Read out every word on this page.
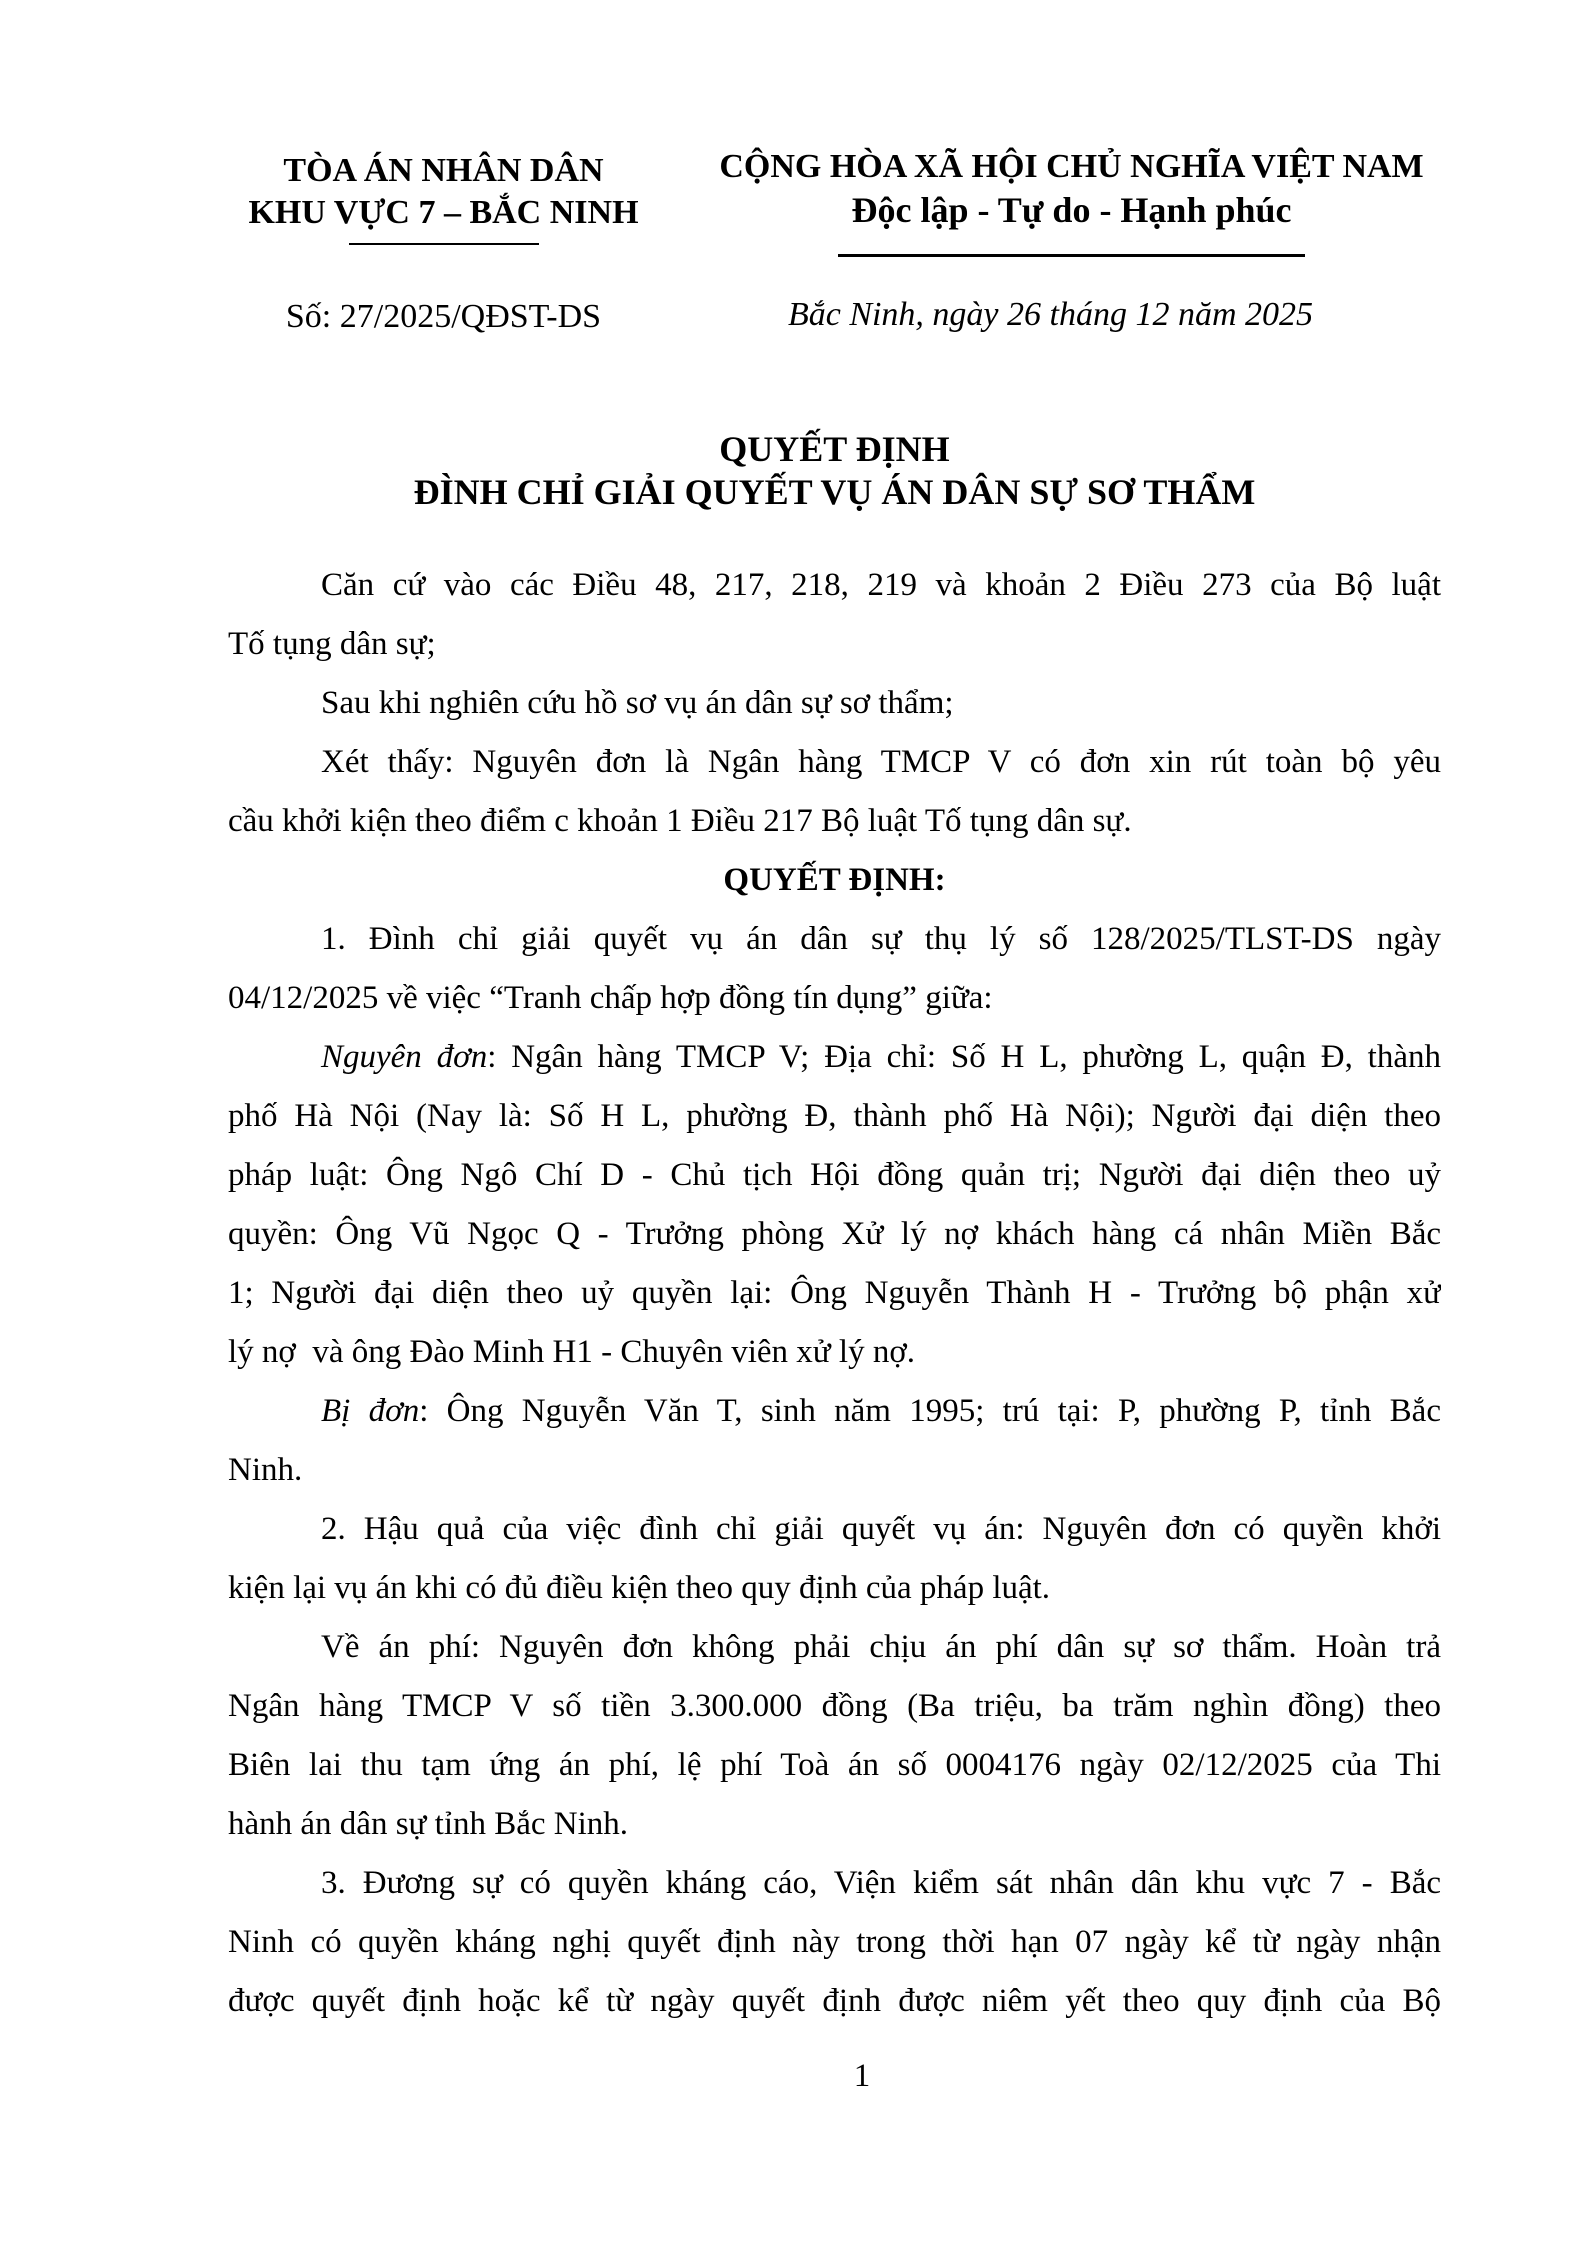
TÒA ÁN NHÂN DÂN
KHU VỰC 7 – BẮC NINH
Số: 27/2025/QĐST-DS
CỘNG HÒA XÃ HỘI CHỦ NGHĨA VIỆT NAM
Độc lập - Tự do - Hạnh phúc
Bắc Ninh, ngày 26 tháng 12 năm 2025
QUYẾT ĐỊNH
ĐÌNH CHỈ GIẢI QUYẾT VỤ ÁN DÂN SỰ SƠ THẨM
Căn cứ vào các Điều 48, 217, 218, 219 và khoản 2 Điều 273 của Bộ luật
Tố tụng dân sự;
Sau khi nghiên cứu hồ sơ vụ án dân sự sơ thẩm;
Xét thấy: Nguyên đơn là Ngân hàng TMCP V có đơn xin rút toàn bộ yêu
cầu khởi kiện theo điểm c khoản 1 Điều 217 Bộ luật Tố tụng dân sự.
QUYẾT ĐỊNH:
1. Đình chỉ giải quyết vụ án dân sự thụ lý số 128/2025/TLST-DS ngày
04/12/2025 về việc “Tranh chấp hợp đồng tín dụng” giữa:
Nguyên đơn: Ngân hàng TMCP V; Địa chỉ: Số H L, phường L, quận Đ, thành
phố Hà Nội (Nay là: Số H L, phường Đ, thành phố Hà Nội); Người đại diện theo
pháp luật: Ông Ngô Chí D - Chủ tịch Hội đồng quản trị; Người đại diện theo uỷ
quyền: Ông Vũ Ngọc Q - Trưởng phòng Xử lý nợ khách hàng cá nhân Miền Bắc
1; Người đại diện theo uỷ quyền lại: Ông Nguyễn Thành H - Trưởng bộ phận xử
lý nợ  và ông Đào Minh H1 - Chuyên viên xử lý nợ.
Bị đơn: Ông Nguyễn Văn T, sinh năm 1995; trú tại: P, phường P, tỉnh Bắc
Ninh.
2. Hậu quả của việc đình chỉ giải quyết vụ án: Nguyên đơn có quyền khởi
kiện lại vụ án khi có đủ điều kiện theo quy định của pháp luật.
Về án phí: Nguyên đơn không phải chịu án phí dân sự sơ thẩm. Hoàn trả
Ngân hàng TMCP V số tiền 3.300.000 đồng (Ba triệu, ba trăm nghìn đồng) theo
Biên lai thu tạm ứng án phí, lệ phí Toà án số 0004176 ngày 02/12/2025 của Thi
hành án dân sự tỉnh Bắc Ninh.
3. Đương sự có quyền kháng cáo, Viện kiểm sát nhân dân khu vực 7 - Bắc
Ninh có quyền kháng nghị quyết định này trong thời hạn 07 ngày kể từ ngày nhận
được quyết định hoặc kể từ ngày quyết định được niêm yết theo quy định của Bộ
1
